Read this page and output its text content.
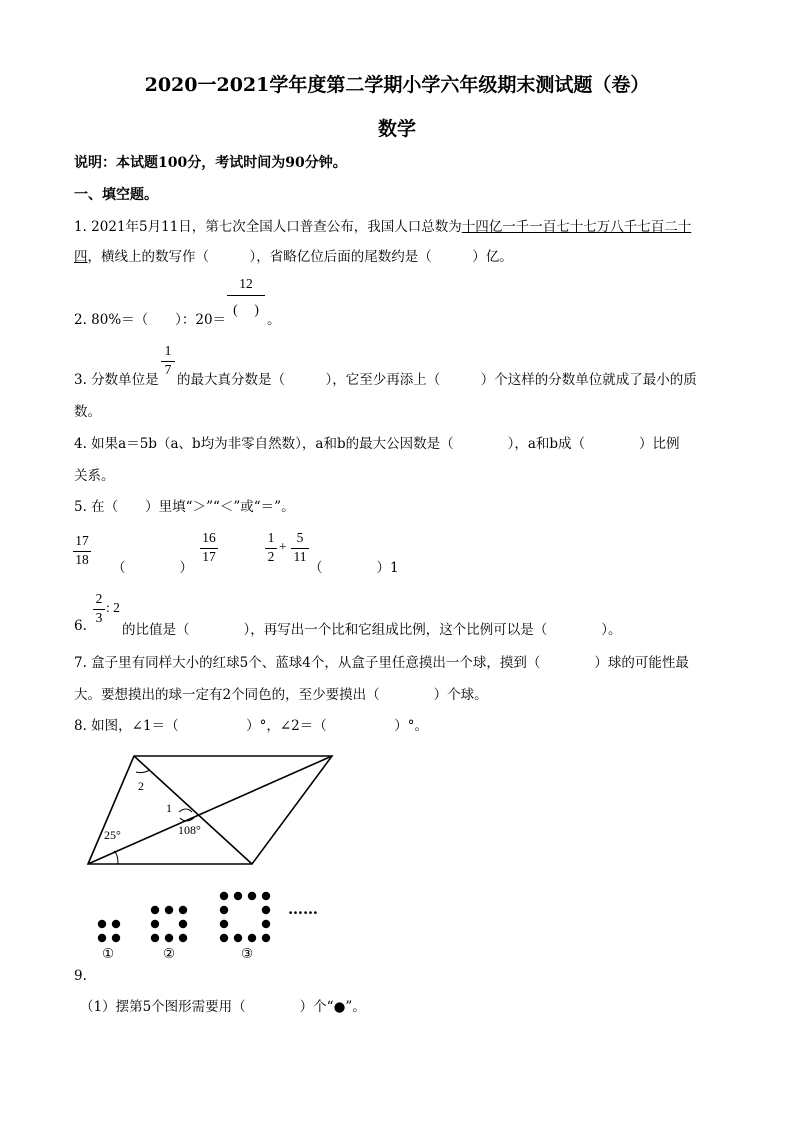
2020一2021学年度第二学期小学六年级期末测试题（卷）
数学
说明：本试题100分，考试时间为90分钟。
一、填空题。
1. 2021年5月11日，第七次全国人口普查公布，我国人口总数为十四亿一千一百七十七万八千七百二十
四，横线上的数写作（　　　），省略亿位后面的尾数约是（　　　）亿。
2. 80%＝（　　）：20＝
12
(　 )
。
3. 分数单位是
1
7
的最大真分数是（　　　），它至少再添上（　　　）个这样的分数单位就成了最小的质
数。
4. 如果a＝5b（a、b均为非零自然数），a和b的最大公因数是（　　　　），a和b成（　　　　）比例
关系。
5. 在（　　）里填“＞”“＜”或“＝”。
17
18
（　　　　）
16
17
1
2
+
5
11
（　　　　）1
6.
2
3
: 2
的比值是（　　　　），再写出一个比和它组成比例，这个比例可以是（　　　　）。
7. 盒子里有同样大小的红球5个、蓝球4个，从盒子里任意摸出一个球，摸到（　　　　）球的可能性最
大。要想摸出的球一定有2个同色的，至少要摸出（　　　　）个球。
8. 如图，∠1＝（　　　　　）°，∠2＝（　　　　　）°。
2
1
25°	108°
……
①	②	③
9.
（1）摆第5个图形需要用（　　　　）个“●”。
